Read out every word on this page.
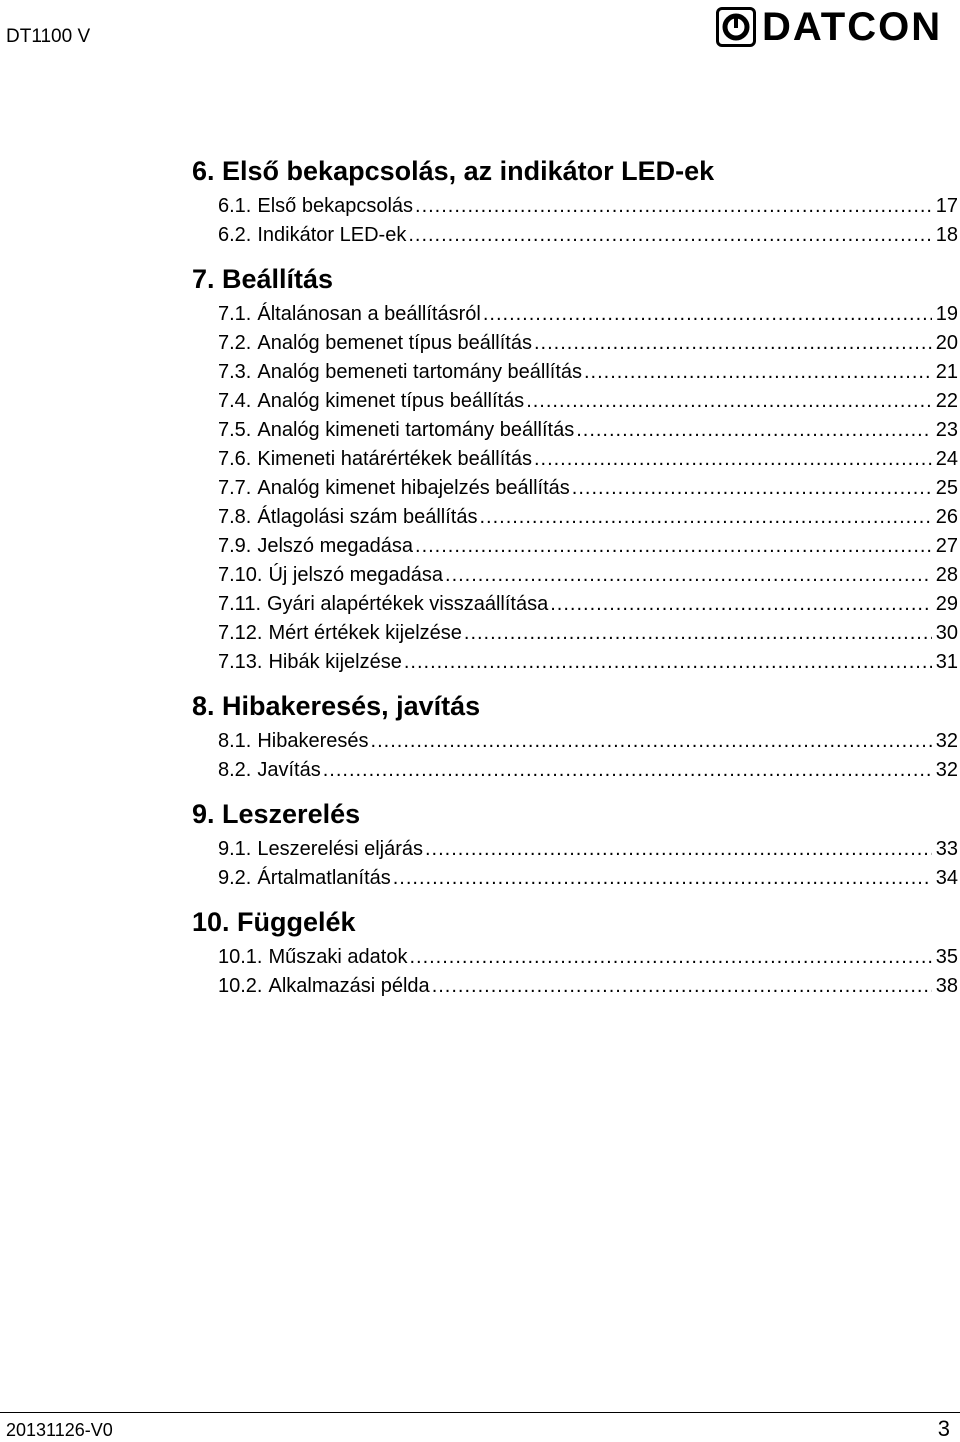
DT1100 V	DATCON
6. Első bekapcsolás, az indikátor LED-ek
6.1. Első bekapcsolás .....	17
6.2. Indikátor LED-ek .....	18
7. Beállítás
7.1. Általánosan a beállításról .....	19
7.2. Analóg bemenet típus beállítás .....	20
7.3. Analóg bemeneti tartomány beállítás .....	21
7.4. Analóg kimenet típus beállítás .....	22
7.5. Analóg kimeneti tartomány beállítás .....	23
7.6. Kimeneti határértékek beállítás .....	24
7.7. Analóg kimenet hibajelzés beállítás .....	25
7.8. Átlagolási szám beállítás .....	26
7.9. Jelszó megadása .....	27
7.10. Új jelszó megadása .....	28
7.11. Gyári alapértékek visszaállítása .....	29
7.12. Mért értékek kijelzése .....	30
7.13. Hibák kijelzése .....	31
8. Hibakeresés, javítás
8.1. Hibakeresés .....	32
8.2. Javítás .....	32
9. Leszerelés
9.1. Leszerelési eljárás .....	33
9.2. Ártalmatlanítás .....	34
10. Függelék
10.1. Műszaki adatok .....	35
10.2. Alkalmazási példa .....	38
20131126-V0	3
